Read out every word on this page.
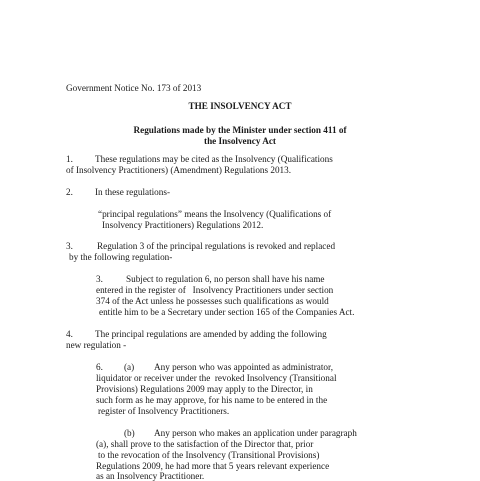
Government Notice No. 173 of 2013
THE INSOLVENCY ACT
Regulations made by the Minister under section 411 of
the Insolvency Act
1. These regulations may be cited as the Insolvency (Qualifications
of Insolvency Practitioners) (Amendment) Regulations 2013.
2. In these regulations-
“principal regulations” means the Insolvency (Qualifications of
Insolvency Practitioners) Regulations 2012.
3.	Regulation 3 of the principal regulations is revoked and replaced
by the following regulation-
3.	Subject to regulation 6, no person shall have his name
entered in the register of   Insolvency Practitioners under section
374 of the Act unless he possesses such qualifications as would
entitle him to be a Secretary under section 165 of the Companies Act.
4. The principal regulations are amended by adding the following
new regulation -
6. (a) Any person who was appointed as administrator,
liquidator or receiver under the  revoked Insolvency (Transitional
Provisions) Regulations 2009 may apply to the Director, in
such form as he may approve, for his name to be entered in the
register of Insolvency Practitioners.
(b) Any person who makes an application under paragraph
(a), shall prove to the satisfaction of the Director that, prior
to the revocation of the Insolvency (Transitional Provisions)
Regulations 2009, he had more that 5 years relevant experience
as an Insolvency Practitioner.
